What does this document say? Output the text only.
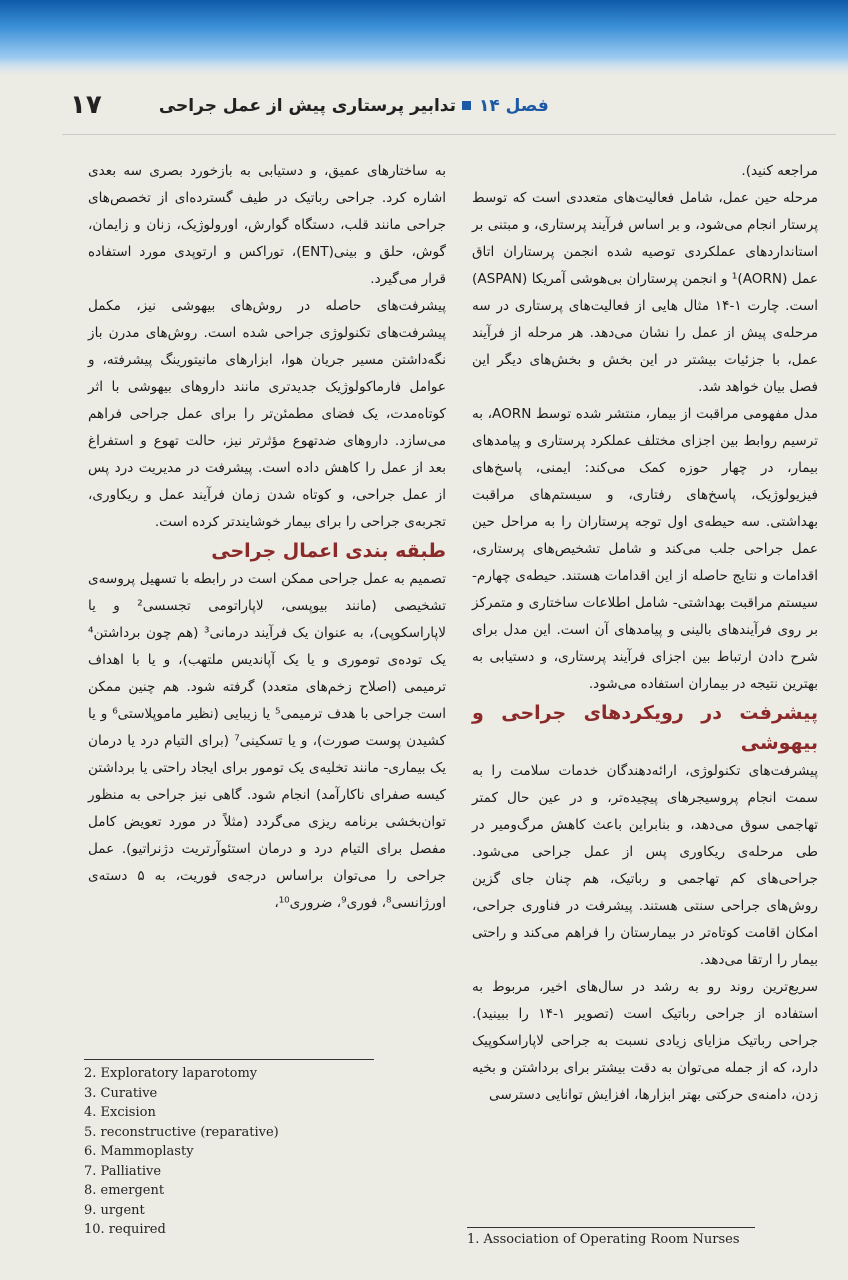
۱۷	فصل ۱۴
تدابیر پرستاری پیش از عمل جراحی

مراجعه کنید).

مرحله حین عمل، شامل فعالیت‌های متعددی است که توسط پرستار انجام می‌شود، و بر اساس فرآیند پرستاری، و مبتنی بر استانداردهای عملکردی توصیه شده انجمن پرستاران اتاق عمل (AORN)¹ و انجمن پرستاران بی‌هوشی آمریکا (ASPAN) است. چارت ۱-۱۴ مثال هایی از فعالیت‌های پرستاری در سه مرحله‌ی پیش از عمل را نشان می‌دهد. هر مرحله از فرآیند عمل، با جزئیات بیشتر در این بخش و بخش‌های دیگر این فصل بیان خواهد شد.

مدل مفهومی مراقبت از بیمار، منتشر شده توسط AORN، به ترسیم روابط بین اجزای مختلف عملکرد پرستاری و پیامدهای بیمار، در چهار حوزه کمک می‌کند: ایمنی، پاسخ‌های فیزیولوژیک، پاسخ‌های رفتاری، و سیستم‌های مراقبت بهداشتی. سه حیطه‌ی اول توجه پرستاران را به مراحل حین عمل جراحی جلب می‌کند و شامل تشخیص‌های پرستاری، اقدامات و نتایج حاصله از این اقدامات هستند. حیطه‌ی چهارم- سیستم مراقبت بهداشتی- شامل اطلاعات ساختاری و متمرکز بر روی فرآیندهای بالینی و پیامدهای آن است. این مدل برای شرح دادن ارتباط بین اجزای فرآیند پرستاری، و دستیابی به بهترین نتیجه در بیماران استفاده می‌شود.

پیشرفت در رویکردهای جراحی و بیهوشی

پیشرفت‌های تکنولوژی، ارائه‌دهندگان خدمات سلامت را به سمت انجام پروسیجرهای پیچیده‌تر، و در عین حال کمتر تهاجمی سوق می‌دهد، و بنابراین باعث کاهش مرگ‌ومیر در طی مرحله‌ی ریکاوری پس از عمل جراحی می‌شود. جراحی‌های کم تهاجمی و رباتیک، هم چنان جای گزین روش‌های جراحی سنتی هستند. پیشرفت در فناوری جراحی، امکان اقامت کوتاه‌تر در بیمارستان را فراهم می‌کند و راحتی بیمار را ارتقا می‌دهد.

سریع‌ترین روند رو به رشد در سال‌های اخیر، مربوط به استفاده از جراحی رباتیک است (تصویر ۱-۱۴ را ببینید). جراحی رباتیک مزایای زیادی نسبت به جراحی لاپاراسکوپیک دارد، که از جمله می‌توان به دقت بیشتر برای برداشتن و بخیه زدن، دامنه‌ی حرکتی بهتر ابزارها، افزایش توانایی دسترسی

به ساختارهای عمیق، و دستیابی به بازخورد بصری سه بعدی اشاره کرد. جراحی رباتیک در طیف گسترده‌ای از تخصص‌های جراحی مانند قلب، دستگاه گوارش، اورولوژیک، زنان و زایمان، گوش، حلق و بینی(ENT)، توراکس و ارتوپدی مورد استفاده قرار می‌گیرد.

پیشرفت‌های حاصله در روش‌های بیهوشی نیز، مکمل پیشرفت‌های تکنولوژی جراحی شده است. روش‌های مدرن باز نگه‌داشتن مسیر جریان هوا، ابزارهای مانیتورینگ پیشرفته، و عوامل فارماکولوژیک جدیدتری مانند داروهای بیهوشی با اثر کوتاه‌مدت، یک فضای مطمئن‌تر را برای عمل جراحی فراهم می‌سازد. داروهای ضدتهوع مؤثرتر نیز، حالت تهوع و استفراغ بعد از عمل را کاهش داده است. پیشرفت در مدیریت درد پس از عمل جراحی، و کوتاه شدن زمان فرآیند عمل و ریکاوری، تجربه‌ی جراحی را برای بیمار خوشایندتر کرده است.

طبقه بندی اعمال جراحی

تصمیم به عمل جراحی ممکن است در رابطه با تسهیل پروسه‌ی تشخیصی (مانند بیوپسی، لاپاراتومی تجسسی² و یا لاپاراسکوپی)، به عنوان یک فرآیند درمانی³ (هم چون برداشتن⁴ یک توده‌ی توموری و یا یک آپاندیس ملتهب)، و یا با اهداف ترمیمی (اصلاح زخم‌های متعدد) گرفته شود. هم چنین ممکن است جراحی با هدف ترمیمی⁵ یا زیبایی (نظیر ماموپلاستی⁶ و یا کشیدن پوست صورت)، و یا تسکینی⁷ (برای التیام درد یا درمان یک بیماری- مانند تخلیه‌ی یک تومور برای ایجاد راحتی یا برداشتن کیسه صفرای ناکارآمد) انجام شود. گاهی نیز جراحی به منظور توان‌بخشی برنامه ریزی می‌گردد (مثلاً در مورد تعویض کامل مفصل برای التیام درد و درمان استئوآرتریت دژنراتیو). عمل جراحی را می‌توان براساس درجه‌ی فوریت، به ۵ دسته‌ی اورژانسی⁸، فوری⁹، ضروری¹⁰،

2. Exploratory laparotomy
3. Curative
4. Excision
5. reconstructive (reparative)
6. Mammoplasty
7. Palliative
8. emergent
9. urgent
10. required
1. Association of Operating Room Nurses
